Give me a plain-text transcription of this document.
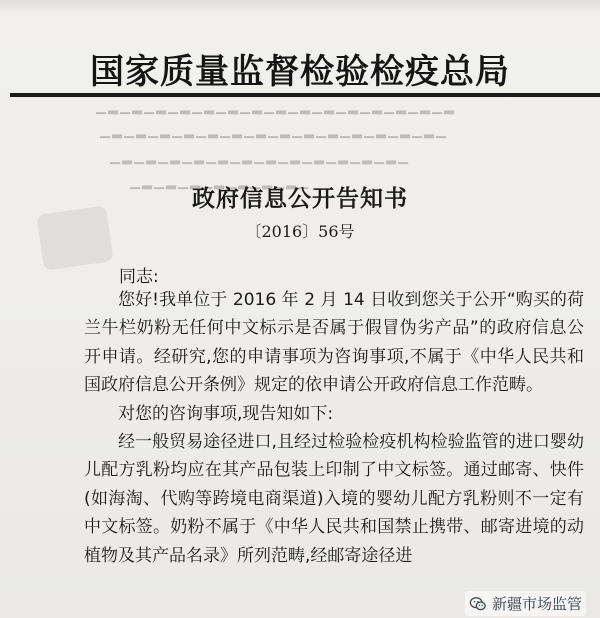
国家质量监督检验检疫总局
▁▂▁▂▁▂▁▂▁▂▁▂▁▂▁▂▁▂▁▂▁▂▁▂▁▂▁▂▁▂
▁▂▁▂▁▂▁▂▁▂▁▂▁▂▁▂▁▂▁▂▁▂▁▂▁▂▁▂▁
▁▂▁▂▁▂▁▂▁▂▁▂▁▂▁▂▁▂▁▂▁▂▁▂▁
▁▂▁▂▁▂▁▂▁▂▁▂▁▂▁
政府信息公开告知书
〔2016〕56号
同志:

您好!我单位于 2016 年 2 月 14 日收到您关于公开“购买的荷兰牛栏奶粉无任何中文标示是否属于假冒伪劣产品”的政府信息公开申请。经研究,您的申请事项为咨询事项,不属于《中华人民共和国政府信息公开条例》规定的依申请公开政府信息工作范畴。

对您的咨询事项,现告知如下:

经一般贸易途径进口,且经过检验检疫机构检验监管的进口婴幼儿配方乳粉均应在其产品包装上印制了中文标签。通过邮寄、快件(如海淘、代购等跨境电商渠道)入境的婴幼儿配方乳粉则不一定有中文标签。奶粉不属于《中华人民共和国禁止携带、邮寄进境的动植物及其产品名录》所列范畴,经邮寄途径进

新疆市场监管
